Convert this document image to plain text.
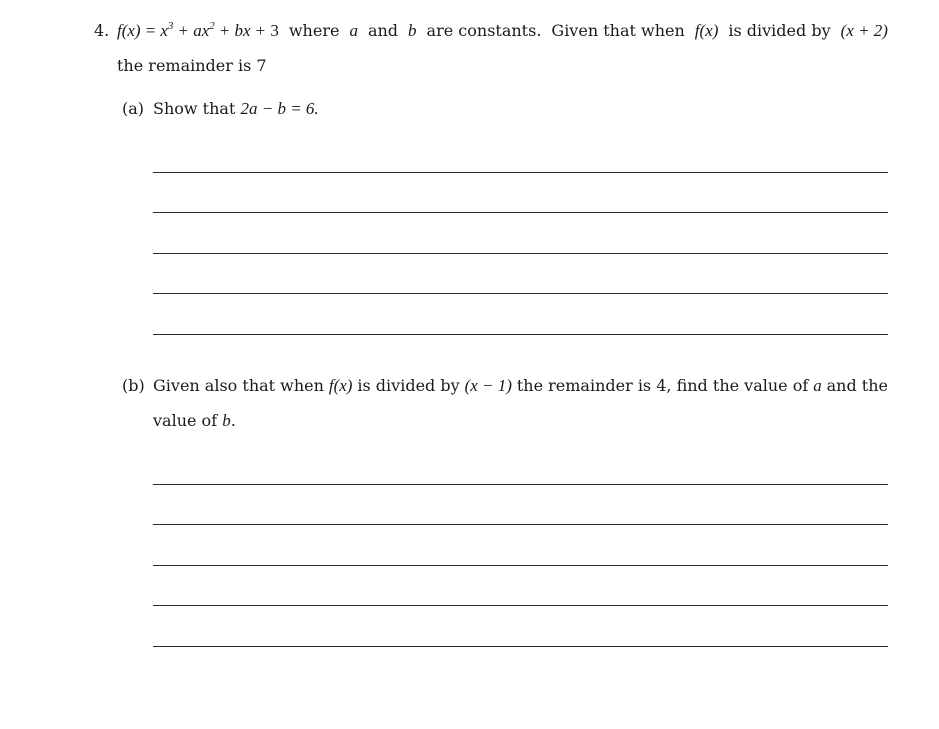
4. $f(x) = x^3 + ax^2$ + bx + 3 where a and b are constants. Given that when f(x) is divided by (x + 2)
the remainder is 7
(a) Show that 2a − b = 6.
(b) Given also that when f(x) is divided by (x − 1) the remainder is 4, find the value of a and the
value of b.
